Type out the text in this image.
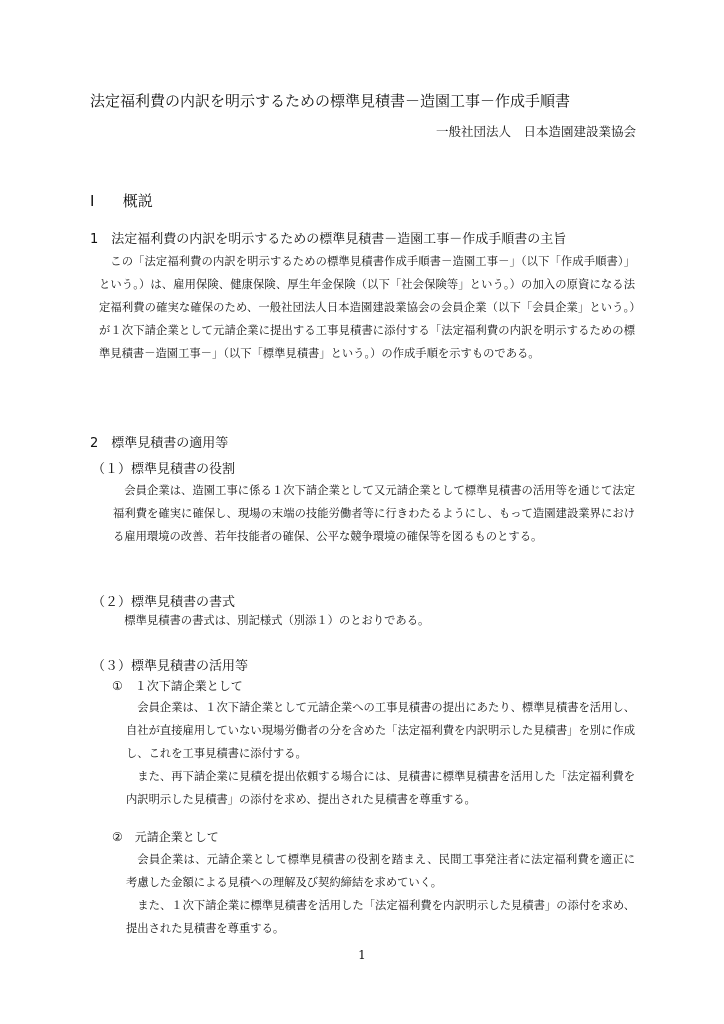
法定福利費の内訳を明示するための標準見積書－造園工事－作成手順書
一般社団法人　日本造園建設業協会
Ⅰ 概説
1　法定福利費の内訳を明示するための標準見積書－造園工事－作成手順書の主旨

この「法定福利費の内訳を明示するための標準見積書作成手順書－造園工事－」（以下「作成手順書）」という。）は、雇用保険、健康保険、厚生年金保険（以下「社会保険等」という。）の加入の原資になる法定福利費の確実な確保のため、一般社団法人日本造園建設業協会の会員企業（以下「会員企業」という。）が１次下請企業として元請企業に提出する工事見積書に添付する「法定福利費の内訳を明示するための標準見積書－造園工事－」（以下「標準見積書」という。）の作成手順を示すものである。

2　標準見積書の適用等
（１）標準見積書の役割

会員企業は、造園工事に係る１次下請企業として又元請企業として標準見積書の活用等を通じて法定福利費を確実に確保し、現場の末端の技能労働者等に行きわたるようにし、もって造園建設業界における雇用環境の改善、若年技能者の確保、公平な競争環境の確保等を図るものとする。

（２）標準見積書の書式

標準見積書の書式は、別記様式（別添１）のとおりである。

（３）標準見積書の活用等
①　１次下請企業として

会員企業は、１次下請企業として元請企業への工事見積書の提出にあたり、標準見積書を活用し、自社が直接雇用していない現場労働者の分を含めた「法定福利費を内訳明示した見積書」を別に作成し、これを工事見積書に添付する。

また、再下請企業に見積を提出依頼する場合には、見積書に標準見積書を活用した「法定福利費を内訳明示した見積書」の添付を求め、提出された見積書を尊重する。

②　元請企業として

会員企業は、元請企業として標準見積書の役割を踏まえ、民間工事発注者に法定福利費を適正に考慮した金額による見積への理解及び契約締結を求めていく。

また、１次下請企業に標準見積書を活用した「法定福利費を内訳明示した見積書」の添付を求め、提出された見積書を尊重する。

1
